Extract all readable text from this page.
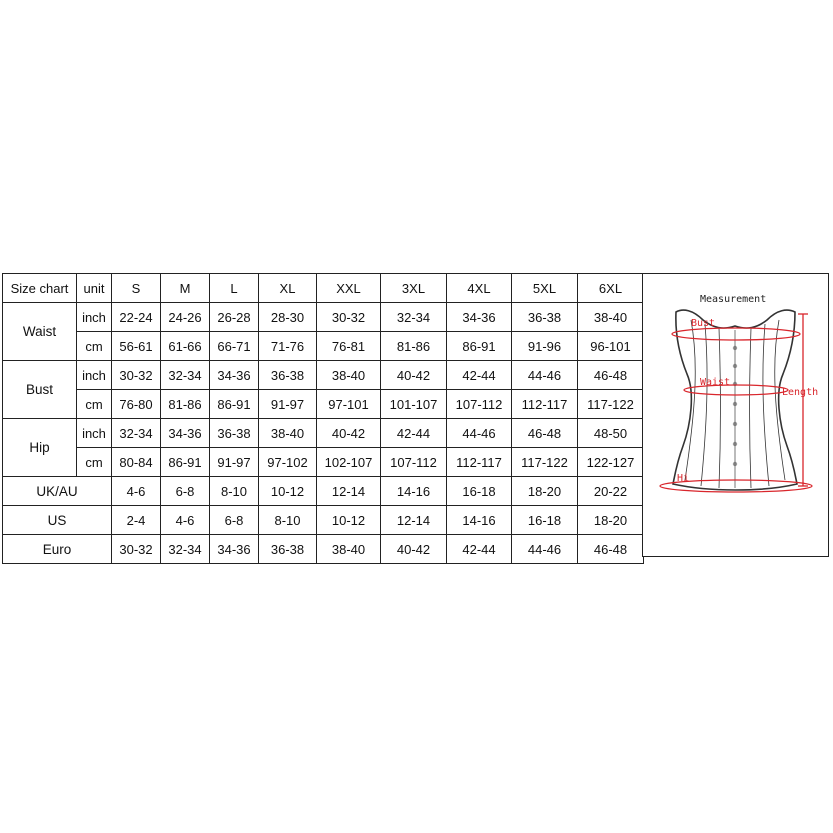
Size chart	unit	S	M	L	XL	XXL	3XL	4XL	5XL	6XL
Waist	inch	22-24	24-26	26-28	28-30	30-32	32-34	34-36	36-38	38-40
	cm	56-61	61-66	66-71	71-76	76-81	81-86	86-91	91-96	96-101
Bust	inch	30-32	32-34	34-36	36-38	38-40	40-42	42-44	44-46	46-48
	cm	76-80	81-86	86-91	91-97	97-101	101-107	107-112	112-117	117-122
Hip	inch	32-34	34-36	36-38	38-40	40-42	42-44	44-46	46-48	48-50
	cm	80-84	86-91	91-97	97-102	102-107	107-112	112-117	117-122	122-127
UK/AU		4-6	6-8	8-10	10-12	12-14	14-16	16-18	18-20	20-22
US		2-4	4-6	6-8	8-10	10-12	12-14	14-16	16-18	18-20
Euro		30-32	32-34	34-36	36-38	38-40	40-42	42-44	44-46	46-48
Measurement
Bust
Waist
Length
Hi
